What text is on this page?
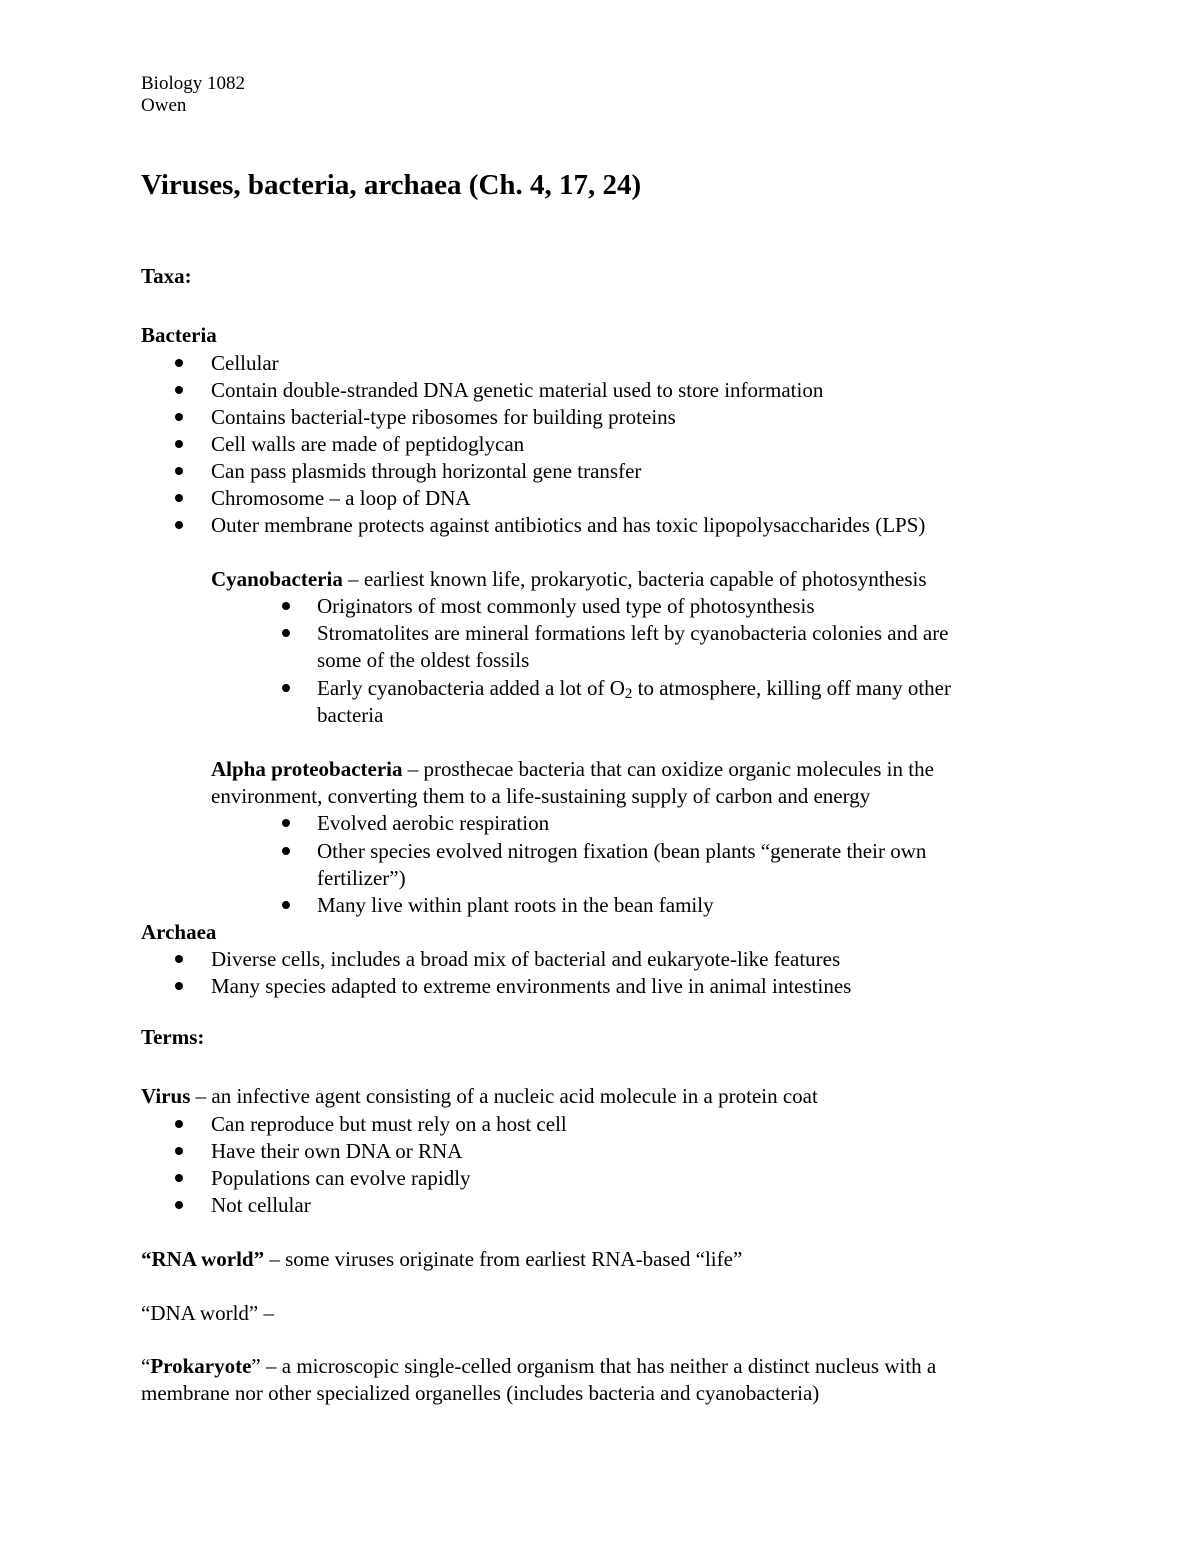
Biology 1082
Owen
Viruses, bacteria, archaea (Ch. 4, 17, 24)
Taxa:
Bacteria
Cellular
Contain double-stranded DNA genetic material used to store information
Contains bacterial-type ribosomes for building proteins
Cell walls are made of peptidoglycan
Can pass plasmids through horizontal gene transfer
Chromosome – a loop of DNA
Outer membrane protects against antibiotics and has toxic lipopolysaccharides (LPS)
Cyanobacteria – earliest known life, prokaryotic, bacteria capable of photosynthesis
Originators of most commonly used type of photosynthesis
Stromatolites are mineral formations left by cyanobacteria colonies and are
some of the oldest fossils
Early cyanobacteria added a lot of $O_2$ to atmosphere, killing off many other
bacteria
Alpha proteobacteria – prosthecae bacteria that can oxidize organic molecules in the
environment, converting them to a life-sustaining supply of carbon and energy
Evolved aerobic respiration
Other species evolved nitrogen fixation (bean plants “generate their own
fertilizer”)
Many live within plant roots in the bean family
Archaea
Diverse cells, includes a broad mix of bacterial and eukaryote-like features
Many species adapted to extreme environments and live in animal intestines
Terms:
Virus – an infective agent consisting of a nucleic acid molecule in a protein coat
Can reproduce but must rely on a host cell
Have their own DNA or RNA
Populations can evolve rapidly
Not cellular
“RNA world” – some viruses originate from earliest RNA-based “life”
“DNA world” –
“Prokaryote” – a microscopic single-celled organism that has neither a distinct nucleus with a
membrane nor other specialized organelles (includes bacteria and cyanobacteria)
